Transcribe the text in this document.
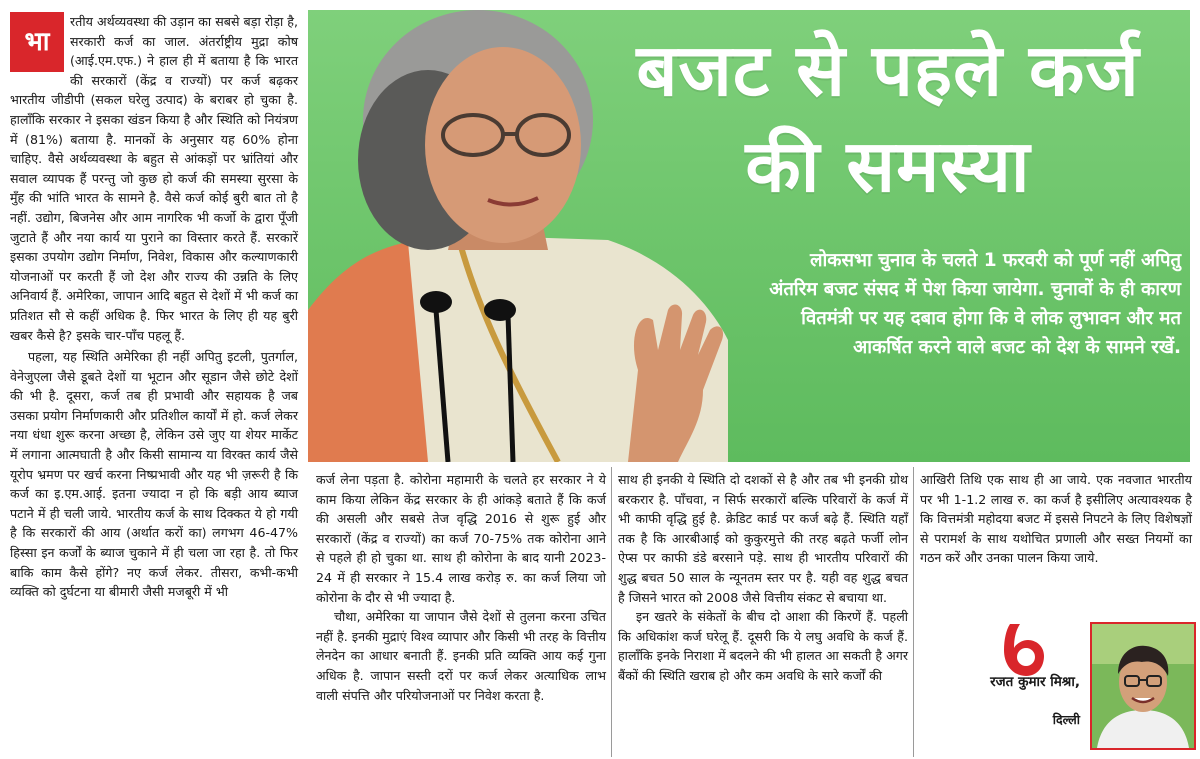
भा

रतीय अर्थव्यवस्था की उड़ान का सबसे बड़ा रोड़ा है, सरकारी कर्ज का जाल. अंतर्राष्ट्रीय मुद्रा कोष (आई.एम.एफ.) ने हाल ही में बताया है कि भारत की सरकारों (केंद्र व राज्यों) पर कर्ज बढ़कर भारतीय जीडीपी (सकल घरेलु उत्पाद) के बराबर हो चुका है. हालाँकि सरकार ने इसका खंडन किया है और स्थिति को नियंत्रण में (81%) बताया है. मानकों के अनुसार यह 60% होना चाहिए. वैसे अर्थव्यवस्था के बहुत से आंकड़ों पर भ्रांतियां और सवाल व्यापक हैं परन्तु जो कुछ हो कर्ज की समस्या सुरसा के मुँह की भांति भारत के सामने है. वैसे कर्ज कोई बुरी बात तो है नहीं. उद्योग, बिजनेस और आम नागरिक भी कर्जो के द्वारा पूँजी जुटाते हैं और नया कार्य या पुराने का विस्तार करते हैं. सरकारें इसका उपयोग उद्योग निर्माण, निवेश, विकास और कल्याणकारी योजनाओं पर करती हैं जो देश और राज्य की उन्नति के लिए अनिवार्य हैं. अमेरिका, जापान आदि बहुत से देशों में भी कर्ज का प्रतिशत सौ से कहीं अधिक है. फिर भारत के लिए ही यह बुरी खबर कैसे है? इसके चार-पाँच पहलू हैं.

पहला, यह स्थिति अमेरिका ही नहीं अपितु इटली, पुतर्गाल, वेनेजुएला जैसे डूबते देशों या भूटान और सूडान जैसे छोटे देशों की भी है. दूसरा, कर्ज तब ही प्रभावी और सहायक है जब उसका प्रयोग निर्माणकारी और प्रतिशील कार्यों में हो. कर्ज लेकर नया धंधा शुरू करना अच्छा है, लेकिन उसे जुए या शेयर मार्केट में लगाना आत्मघाती है और किसी सामान्य या विरक्त कार्य जैसे यूरोप भ्रमण पर खर्च करना निष्प्रभावी और यह भी ज़रूरी है कि कर्ज का इ.एम.आई. इतना ज्यादा न हो कि बड़ी आय ब्याज पटाने में ही चली जाये. भारतीय कर्ज के साथ दिक्कत ये हो गयी है कि सरकारों की आय (अर्थात करों का) लगभग 46-47% हिस्सा इन कर्जों के ब्याज चुकाने में ही चला जा रहा है. तो फिर बाकि काम कैसे होंगे? नए कर्ज लेकर. तीसरा, कभी-कभी व्यक्ति को दुर्घटना या बीमारी जैसी मजबूरी में भी

बजट से पहले कर्ज
की समस्या
लोकसभा चुनाव के चलते 1 फरवरी को पूर्ण नहीं अपितु अंतरिम बजट संसद में पेश किया जायेगा. चुनावों के ही कारण वितमंत्री पर यह दबाव होगा कि वे लोक लुभावन और मत आकर्षित करने वाले बजट को देश के सामने रखें.

कर्ज लेना पड़ता है. कोरोना महामारी के चलते हर सरकार ने ये काम किया लेकिन केंद्र सरकार के ही आंकड़े बताते हैं कि कर्ज की असली और सबसे तेज वृद्धि 2016 से शुरू हुई और सरकारों (केंद्र व राज्यों) का कर्ज 70-75% तक कोरोना आने से पहले ही हो चुका था. साथ ही कोरोना के बाद यानी 2023-24 में ही सरकार ने 15.4 लाख करोड़ रु. का कर्ज लिया जो कोरोना के दौर से भी ज्यादा है.

चौथा, अमेरिका या जापान जैसे देशों से तुलना करना उचित नहीं है. इनकी मुद्राएं विश्व व्यापार और किसी भी तरह के वित्तीय लेनदेन का आधार बनाती हैं. इनकी प्रति व्यक्ति आय कई गुना अधिक है. जापान सस्ती दरों पर कर्ज लेकर अत्याधिक लाभ वाली संपत्ति और परियोजनाओं पर निवेश करता है.

साथ ही इनकी ये स्थिति दो दशकों से है और तब भी इनकी ग्रोथ बरकरार है. पाँचवा, न सिर्फ सरकारों बल्कि परिवारों के कर्ज में भी काफी वृद्धि हुई है. क्रेडिट कार्ड पर कर्ज बढ़े हैं. स्थिति यहाँ तक है कि आरबीआई को कुकुरमुत्ते की तरह बढ़ते फर्जी लोन ऐप्स पर काफी डंडे बरसाने पड़े. साथ ही भारतीय परिवारों की शुद्ध बचत 50 साल के न्यूनतम स्तर पर है. यही वह शुद्ध बचत है जिसने भारत को 2008 जैसे वित्तीय संकट से बचाया था.

इन खतरे के संकेतों के बीच दो आशा की किरणें हैं. पहली कि अधिकांश कर्ज घरेलू हैं. दूसरी कि ये लघु अवधि के कर्ज हैं. हालाँकि इनके निराशा में बदलने की भी हालत आ सकती है अगर बैंकों की स्थिति खराब हो और कम अवधि के सारे कर्जों की

आखिरी तिथि एक साथ ही आ जाये. एक नवजात भारतीय पर भी 1-1.2 लाख रु. का कर्ज है इसीलिए अत्यावश्यक है कि वित्तमंत्री महोदया बजट में इससे निपटने के लिए विशेषज्ञों से परामर्श के साथ यथोचित प्रणाली और सख्त नियमों का गठन करें और उनका पालन किया जाये.

रजत कुमार मिश्रा,
दिल्ली
